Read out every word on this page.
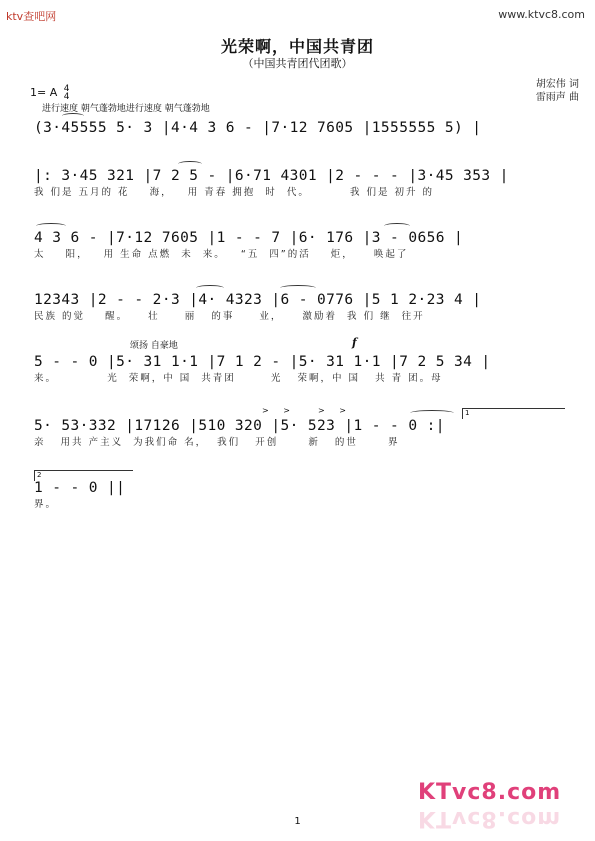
ktv查吧网	www.ktvc8.com
光荣啊，中国共青团
（中国共青团代团歌）
胡宏伟 词
雷雨声 曲
1= A 4
4
进行速度 朝气蓬勃地进行速度 朝气蓬勃地
(3·45555 5· 3 |4·4 3 6 - |7·12 7605 |1555555 5) |
|: 3·45 321 |7 2 5 - |6·71 4301 |2 - - - |3·45 353 |
我 们是 五月的 花    海，   用 青春 拥抱  时  代。        我 们是 初升 的
4 3 6 - |7·12 7605 |1 - - 7 |6· 176 |3 - 0656 |
太    阳，   用 生命 点燃  未  来。   “五  四”的活    炬，    唤起了
12343 |2 - - 2·3 |4· 4323 |6 - 0776 |5 1 2·23 4 |
民族 的觉    醒。    壮     丽   的事     业，    激励着  我 们 继  往开
颂扬 自豪地	f
5 - - 0 |5· 31 1·1 |7 1 2 - |5· 31 1·1 |7 2 5 34 |
来。          光  荣啊，中 国  共青团       光   荣啊，中 国   共 青 团。母
> >	> >	1
5· 53·332 |17126 |510 320 |5· 523 |1 - - 0 :|
亲   用共 产主义  为我们命 名，  我们   开创      新   的世      界
2
1 - - 0 ||
界。
KTvc8.com
KTvc8.com
1
